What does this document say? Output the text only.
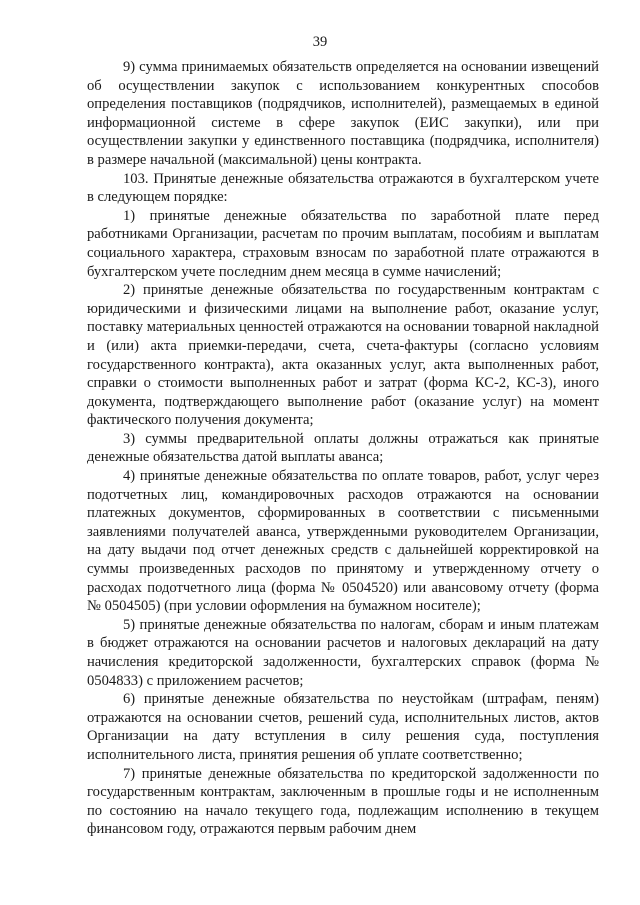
39

9) сумма принимаемых обязательств определяется на основании извещений об осуществлении закупок с использованием конкурентных способов определения поставщиков (подрядчиков, исполнителей), размещаемых в единой информационной системе в сфере закупок (ЕИС закупки), или при осуществлении закупки у единственного поставщика (подрядчика, исполнителя) в размере начальной (максимальной) цены контракта.

103. Принятые денежные обязательства отражаются в бухгалтерском учете в следующем порядке:

1) принятые денежные обязательства по заработной плате перед работниками Организации, расчетам по прочим выплатам, пособиям и выплатам социального характера, страховым взносам по заработной плате отражаются в бухгалтерском учете последним днем месяца в сумме начислений;

2) принятые денежные обязательства по государственным контрактам с юридическими и физическими лицами на выполнение работ, оказание услуг, поставку материальных ценностей отражаются на основании товарной накладной и (или) акта приемки-передачи, счета, счета-фактуры (согласно условиям государственного контракта), акта оказанных услуг, акта выполненных работ, справки о стоимости выполненных работ и затрат (форма КС-2, КС-3), иного документа, подтверждающего выполнение работ (оказание услуг) на момент фактического получения документа;

3) суммы предварительной оплаты должны отражаться как принятые денежные обязательства датой выплаты аванса;

4) принятые денежные обязательства по оплате товаров, работ, услуг через подотчетных лиц, командировочных расходов отражаются на основании платежных документов, сформированных в соответствии с письменными заявлениями получателей аванса, утвержденными руководителем Организации, на дату выдачи под отчет денежных средств с дальнейшей корректировкой на суммы произведенных расходов по принятому и утвержденному отчету о расходах подотчетного лица (форма № 0504520) или авансовому отчету (форма № 0504505) (при условии оформления на бумажном носителе);

5) принятые денежные обязательства по налогам, сборам и иным платежам в бюджет отражаются на основании расчетов и налоговых деклараций на дату начисления кредиторской задолженности, бухгалтерских справок (форма № 0504833) с приложением расчетов;

6) принятые денежные обязательства по неустойкам (штрафам, пеням) отражаются на основании счетов, решений суда, исполнительных листов, актов Организации на дату вступления в силу решения суда, поступления исполнительного листа, принятия решения об уплате соответственно;

7) принятые денежные обязательства по кредиторской задолженности по государственным контрактам, заключенным в прошлые годы и не исполненным по состоянию на начало текущего года, подлежащим исполнению в текущем финансовом году, отражаются первым рабочим днем
